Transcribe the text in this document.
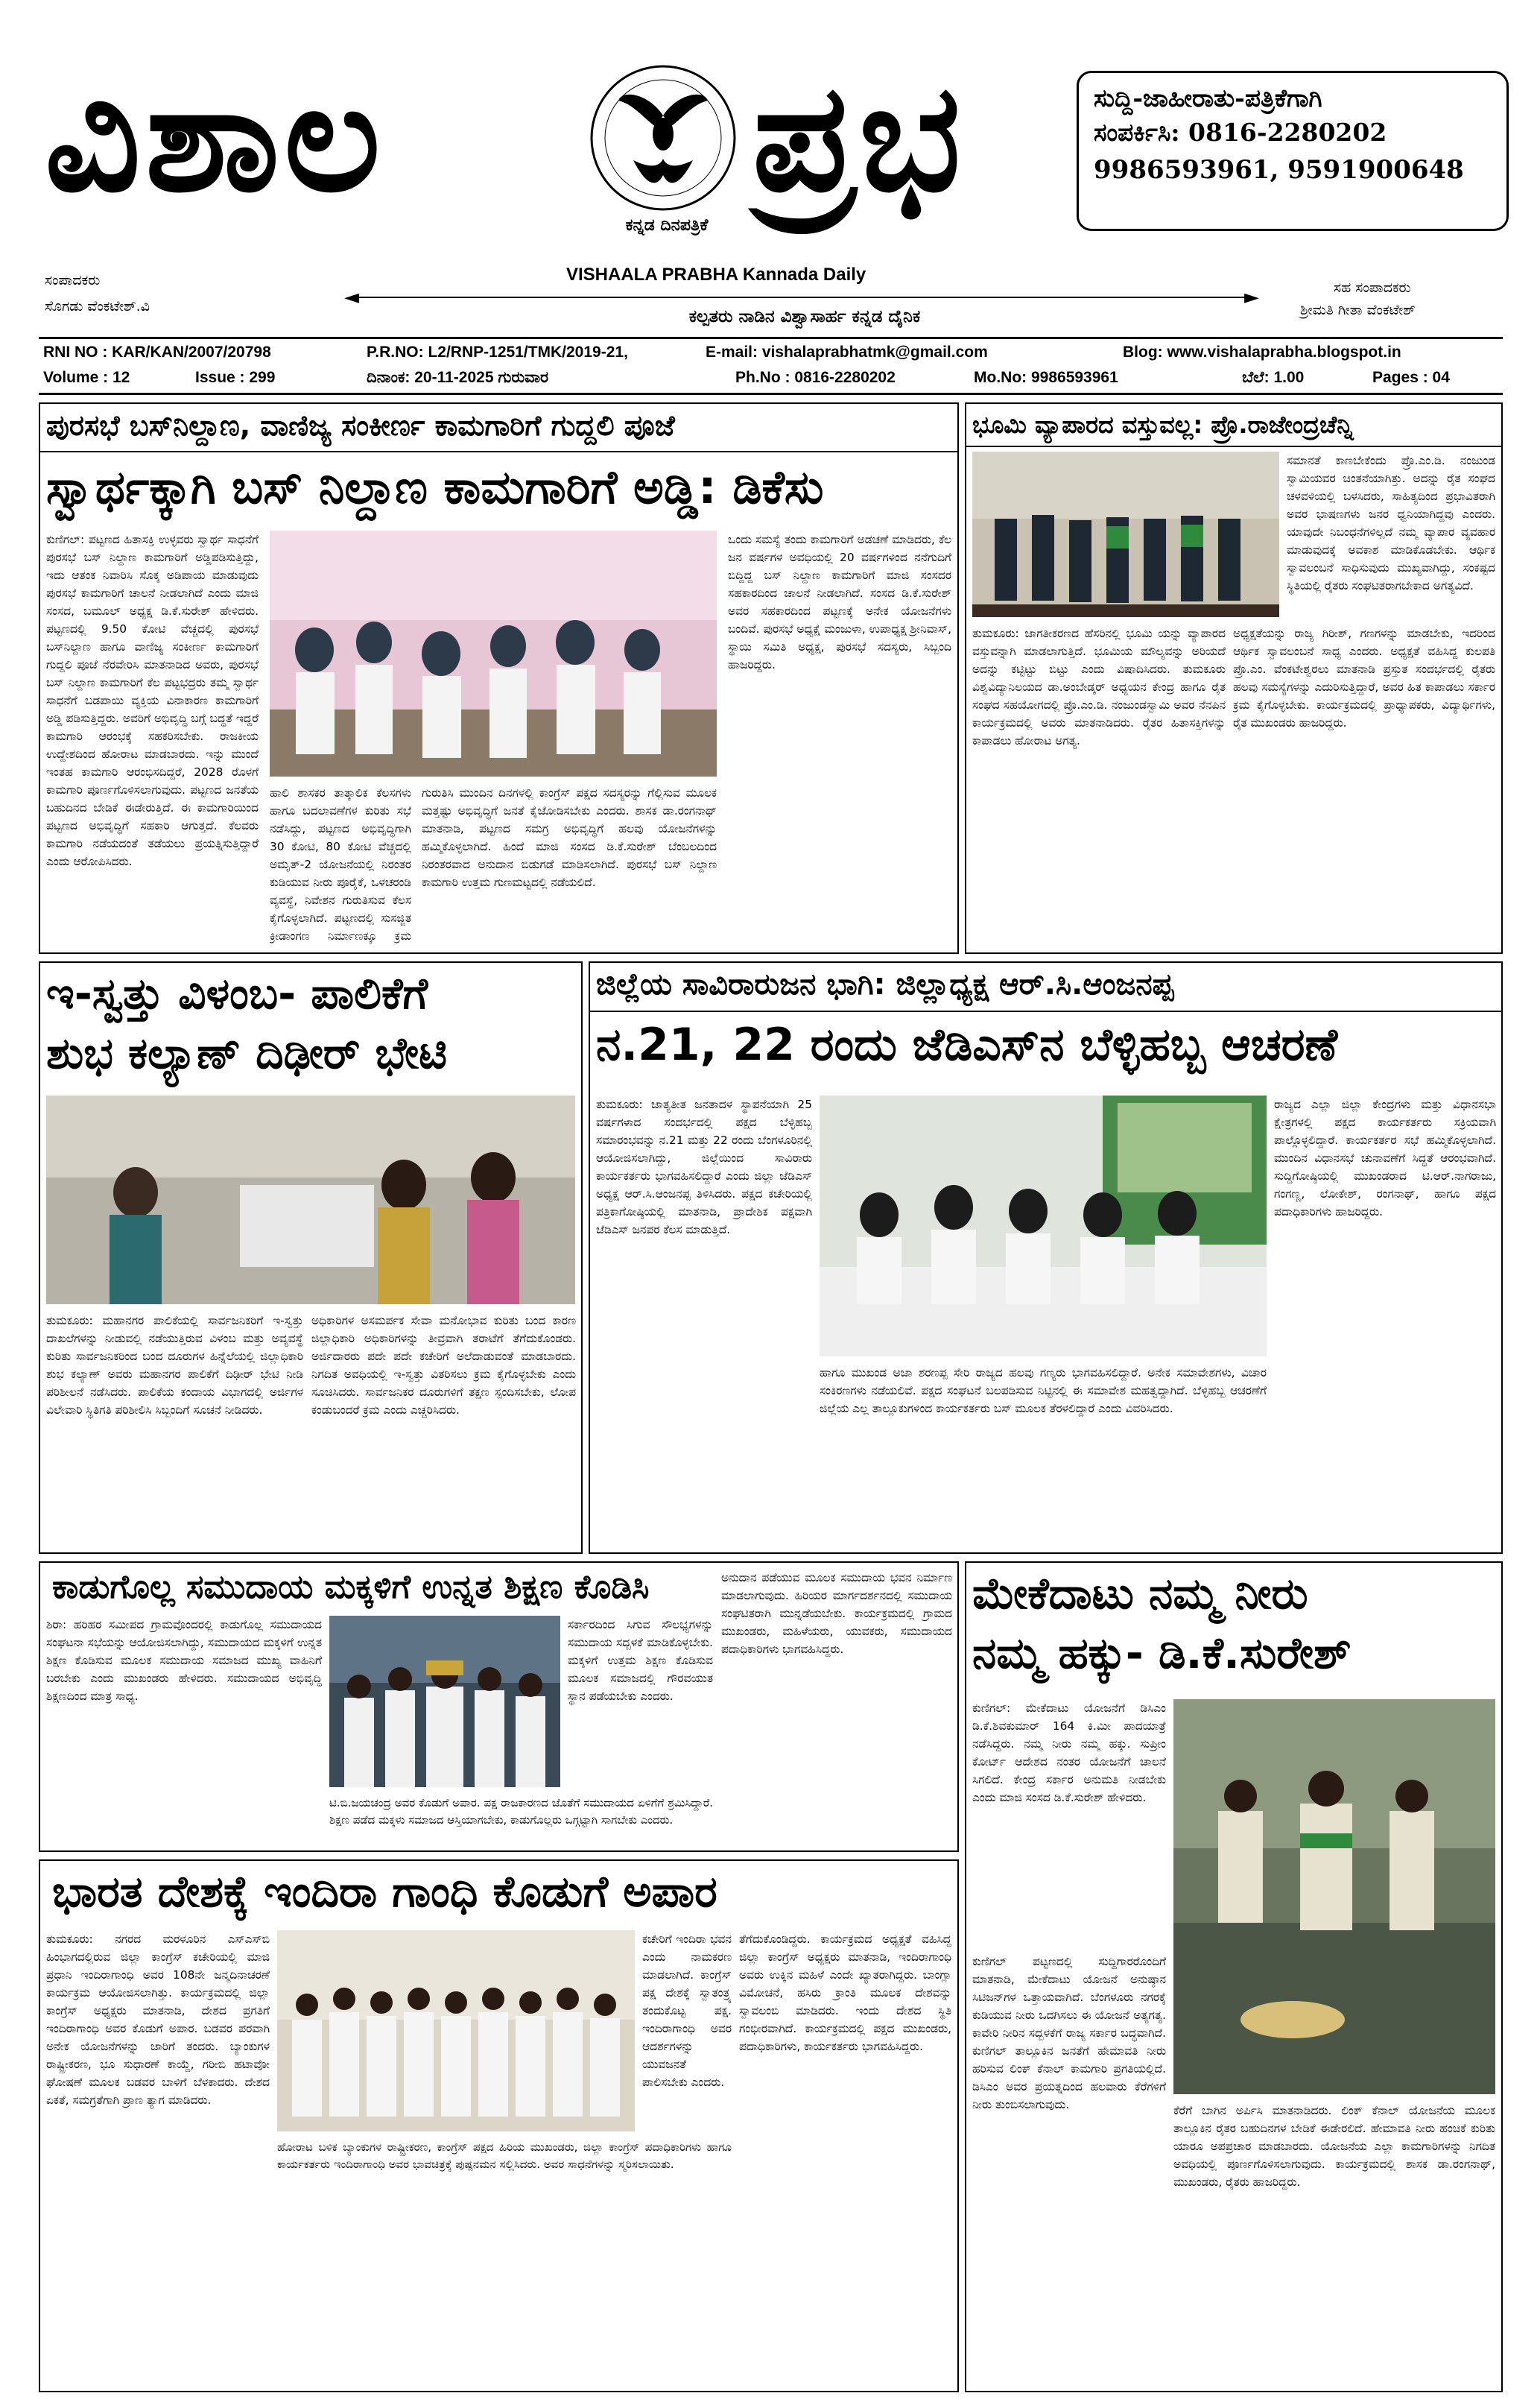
ವಿಶಾಲ ಪ್ರಭ
ಕನ್ನಡ ದಿನಪತ್ರಿಕೆ
VISHAALA PRABHA Kannada Daily
ಸುದ್ದಿ-ಜಾಹೀರಾತು-ಪತ್ರಿಕೆಗಾಗಿ
ಸಂಪರ್ಕಿಸಿ: 0816-2280202
9986593961, 9591900648
ಸಂಪಾದಕರು
ಸೊಗಡು ವೆಂಕಟೇಶ್.ವಿ
ಸಹ ಸಂಪಾದಕರು
ಶ್ರೀಮತಿ ಗೀತಾ ವೆಂಕಟೇಶ್
◄	►
ಕಲ್ಪತರು ನಾಡಿನ ವಿಶ್ವಾಸಾರ್ಹ ಕನ್ನಡ ದೈನಿಕ
RNI NO : KAR/KAN/2007/20798	P.R.NO: L2/RNP-1251/TMK/2019-21,	E-mail: vishalaprabhatmk@gmail.com	Blog: www.vishalaprabha.blogspot.in
Volume : 12	Issue : 299	ದಿನಾಂಕ: 20-11-2025 ಗುರುವಾರ	Ph.No : 0816-2280202	Mo.No: 9986593961	ಬೆಲೆ: 1.00	Pages : 04
ಪುರಸಭೆ ಬಸ್‌ನಿಲ್ದಾಣ, ವಾಣಿಜ್ಯ ಸಂಕೀರ್ಣ ಕಾಮಗಾರಿಗೆ ಗುದ್ದಲಿ ಪೂಜೆ
ಸ್ವಾರ್ಥಕ್ಕಾಗಿ ಬಸ್ ನಿಲ್ದಾಣ ಕಾಮಗಾರಿಗೆ ಅಡ್ಡಿ: ಡಿಕೆಸು
ಕುಣಿಗಲ್: ಪಟ್ಟಣದ ಹಿತಾಸಕ್ತಿ ಉಳ್ಳವರು ಸ್ವಾರ್ಥ ಸಾಧನೆಗೆ ಪುರಸಭೆ ಬಸ್ ನಿಲ್ದಾಣ ಕಾಮಗಾರಿಗೆ ಅಡ್ಡಿಪಡಿಸುತ್ತಿದ್ದು, ಇದು ಆತಂಕ ನಿವಾರಿಸಿ ಸೊಕ್ಕ ಅಡಿಪಾಯ ಮಾಡುವುದು ಪುರಸಭೆ ಕಾಮಗಾರಿಗೆ ಚಾಲನೆ ನೀಡಲಾಗಿದೆ ಎಂದು ಮಾಜಿ ಸಂಸದ, ಬಮೂಲ್ ಅಧ್ಯಕ್ಷ ಡಿ.ಕೆ.ಸುರೇಶ್ ಹೇಳಿದರು. ಪಟ್ಟಣದಲ್ಲಿ 9.50 ಕೋಟಿ ವೆಚ್ಚದಲ್ಲಿ ಪುರಸಭೆ ಬಸ್‌ನಿಲ್ದಾಣ ಹಾಗೂ ವಾಣಿಜ್ಯ ಸಂಕೀರ್ಣ ಕಾಮಗಾರಿಗೆ ಗುದ್ದಲಿ ಪೂಜೆ ನೆರವೇರಿಸಿ ಮಾತನಾಡಿದ ಅವರು, ಪುರಸಭೆ ಬಸ್ ನಿಲ್ದಾಣ ಕಾಮಗಾರಿಗೆ ಕೆಲ ಪಟ್ಟಭದ್ರರು ತಮ್ಮ ಸ್ವಾರ್ಥ ಸಾಧನೆಗೆ ಬಡಪಾಯಿ ವ್ಯಕ್ತಿಯ ವಿನಾಕಾರಣ ಕಾಮಗಾರಿಗೆ ಅಡ್ಡಿ ಪಡಿಸುತ್ತಿದ್ದರು. ಅವರಿಗೆ ಅಭಿವೃದ್ಧಿ ಬಗ್ಗೆ ಬದ್ಧತೆ ಇದ್ದರೆ ಕಾಮಗಾರಿ ಆರಂಭಕ್ಕೆ ಸಹಕರಿಸಬೇಕು. ರಾಜಕೀಯ ಉದ್ದೇಶದಿಂದ ಹೋರಾಟ ಮಾಡಬಾರದು. ಇನ್ನು ಮುಂದೆ ಇಂತಹ ಕಾಮಗಾರಿ ಆರಂಭಿಸದಿದ್ದರೆ, 2028 ರೊಳಗೆ ಕಾಮಗಾರಿ ಪೂರ್ಣಗೊಳಿಸಲಾಗುವುದು. ಪಟ್ಟಣದ ಜನತೆಯ ಬಹುದಿನದ ಬೇಡಿಕೆ ಈಡೇರುತ್ತಿದೆ. ಈ ಕಾಮಗಾರಿಯಿಂದ ಪಟ್ಟಣದ ಅಭಿವೃದ್ಧಿಗೆ ಸಹಕಾರಿ ಆಗುತ್ತದೆ. ಕೆಲವರು ಕಾಮಗಾರಿ ನಡೆಯದಂತೆ ತಡೆಯಲು ಪ್ರಯತ್ನಿಸುತ್ತಿದ್ದಾರೆ ಎಂದು ಆರೋಪಿಸಿದರು.
ಹಾಲಿ ಶಾಸಕರ ತಾತ್ಕಾಲಿಕ ಕೆಲಸಗಳು ಹಾಗೂ ಬದಲಾವಣೆಗಳ ಕುರಿತು ಸಭೆ ನಡೆಸಿದ್ದು, ಪಟ್ಟಣದ ಅಭಿವೃದ್ಧಿಗಾಗಿ 30 ಕೋಟಿ, 80 ಕೋಟಿ ವೆಚ್ಚದಲ್ಲಿ ಅಮೃತ್-2 ಯೋಜನೆಯಲ್ಲಿ ನಿರಂತರ ಕುಡಿಯುವ ನೀರು ಪೂರೈಕೆ, ಒಳಚರಂಡಿ ವ್ಯವಸ್ಥೆ, ನಿವೇಶನ ಗುರುತಿಸುವ ಕೆಲಸ ಕೈಗೊಳ್ಳಲಾಗಿದೆ. ಪಟ್ಟಣದಲ್ಲಿ ಸುಸಜ್ಜಿತ ಕ್ರೀಡಾಂಗಣ ನಿರ್ಮಾಣಕ್ಕೂ ಕ್ರಮ
ಗುರುತಿಸಿ ಮುಂದಿನ ದಿನಗಳಲ್ಲಿ ಕಾಂಗ್ರೆಸ್ ಪಕ್ಷದ ಸದಸ್ಯರನ್ನು ಗೆಲ್ಲಿಸುವ ಮೂಲಕ ಮತ್ತಷ್ಟು ಅಭಿವೃದ್ಧಿಗೆ ಜನತೆ ಕೈಜೋಡಿಸಬೇಕು ಎಂದರು. ಶಾಸಕ ಡಾ.ರಂಗನಾಥ್ ಮಾತನಾಡಿ, ಪಟ್ಟಣದ ಸಮಗ್ರ ಅಭಿವೃದ್ಧಿಗೆ ಹಲವು ಯೋಜನೆಗಳನ್ನು ಹಮ್ಮಿಕೊಳ್ಳಲಾಗಿದೆ. ಹಿಂದೆ ಮಾಜಿ ಸಂಸದ ಡಿ.ಕೆ.ಸುರೇಶ್ ಬೆಂಬಲದಿಂದ ನಿರಂತರವಾದ ಅನುದಾನ ಬಿಡುಗಡೆ ಮಾಡಿಸಲಾಗಿದೆ. ಪುರಸಭೆ ಬಸ್ ನಿಲ್ದಾಣ ಕಾಮಗಾರಿ ಉತ್ತಮ ಗುಣಮಟ್ಟದಲ್ಲಿ ನಡೆಯಲಿದೆ.
ಒಂದು ಸಮಸ್ಯೆ ತಂದು ಕಾಮಗಾರಿಗೆ ಅಡಚಣೆ ಮಾಡಿದರು, ಕೆಲ ಜನ ವರ್ಷಗಳ ಅವಧಿಯಲ್ಲಿ 20 ವರ್ಷಗಳಿಂದ ನನೆಗುದಿಗೆ ಬಿದ್ದಿದ್ದ ಬಸ್ ನಿಲ್ದಾಣ ಕಾಮಗಾರಿಗೆ ಮಾಜಿ ಸಂಸದರ ಸಹಕಾರದಿಂದ ಚಾಲನೆ ನೀಡಲಾಗಿದೆ. ಸಂಸದ ಡಿ.ಕೆ.ಸುರೇಶ್ ಅವರ ಸಹಕಾರದಿಂದ ಪಟ್ಟಣಕ್ಕೆ ಅನೇಕ ಯೋಜನೆಗಳು ಬಂದಿವೆ. ಪುರಸಭೆ ಅಧ್ಯಕ್ಷೆ ಮಂಜುಳಾ, ಉಪಾಧ್ಯಕ್ಷ ಶ್ರೀನಿವಾಸ್, ಸ್ಥಾಯಿ ಸಮಿತಿ ಅಧ್ಯಕ್ಷ, ಪುರಸಭೆ ಸದಸ್ಯರು, ಸಿಬ್ಬಂದಿ ಹಾಜರಿದ್ದರು.
ಭೂಮಿ ವ್ಯಾಪಾರದ ವಸ್ತುವಲ್ಲ: ಪ್ರೊ.ರಾಜೇಂದ್ರಚೆನ್ನಿ
ಸಮಾನತೆ ಕಾಣಬೇಕೆಂದು ಪ್ರೊ.ಎಂ.ಡಿ. ನಂಜುಂಡ ಸ್ವಾಮಿಯವರ ಚಿಂತನೆಯಾಗಿತ್ತು. ಅದನ್ನು ರೈತ ಸಂಘದ ಚಳವಳಿಯಲ್ಲಿ ಬಳಸಿದರು, ಸಾಹಿತ್ಯದಿಂದ ಪ್ರಭಾವಿತರಾಗಿ ಅವರ ಭಾಷಣಗಳು ಜನರ ಧ್ವನಿಯಾಗಿದ್ದವು ಎಂದರು. ಯಾವುದೇ ನಿಬಂಧನೆಗಳಿಲ್ಲದೆ ನಮ್ಮ ವ್ಯಾಪಾರ ವ್ಯವಹಾರ ಮಾಡುವುದಕ್ಕೆ ಅವಕಾಶ ಮಾಡಿಕೊಡಬೇಕು. ಆರ್ಥಿಕ ಸ್ವಾವಲಂಬನೆ ಸಾಧಿಸುವುದು ಮುಖ್ಯವಾಗಿದ್ದು, ಸಂಕಷ್ಟದ ಸ್ಥಿತಿಯಲ್ಲಿ ರೈತರು ಸಂಘಟಿತರಾಗಬೇಕಾದ ಅಗತ್ಯವಿದೆ.
ತುಮಕೂರು: ಜಾಗತೀಕರಣದ ಹೆಸರಿನಲ್ಲಿ ಭೂಮಿ ಯನ್ನು ವ್ಯಾಪಾರದ ವಸ್ತುವನ್ನಾಗಿ ಮಾಡಲಾಗುತ್ತಿದೆ. ಭೂಮಿಯ ಮೌಲ್ಯವನ್ನು ಅರಿಯದೆ ಅದನ್ನು ಕಟ್ಟಿಟ್ಟು ಬಿಟ್ಟು ಎಂದು ವಿಷಾದಿಸಿದರು. ತುಮಕೂರು ವಿಶ್ವವಿದ್ಯಾನಿಲಯದ ಡಾ.ಅಂಬೇಡ್ಕರ್ ಅಧ್ಯಯನ ಕೇಂದ್ರ ಹಾಗೂ ರೈತ ಸಂಘದ ಸಹಯೋಗದಲ್ಲಿ ಪ್ರೊ.ಎಂ.ಡಿ. ನಂಜುಂಡಸ್ವಾಮಿ ಅವರ ನೆನಪಿನ ಕಾರ್ಯಕ್ರಮದಲ್ಲಿ ಅವರು ಮಾತನಾಡಿದರು. ರೈತರ ಹಿತಾಸಕ್ತಿಗಳನ್ನು ಕಾಪಾಡಲು ಹೋರಾಟ ಅಗತ್ಯ.
ಅಧ್ಯಕ್ಷತೆಯನ್ನು ರಾಜ್ಯ ಗಿರೀಶ್, ಗಣಗಳನ್ನು ಮಾಡಬೇಕು, ಇದರಿಂದ ಆರ್ಥಿಕ ಸ್ವಾವಲಂಬನೆ ಸಾಧ್ಯ ಎಂದರು. ಅಧ್ಯಕ್ಷತೆ ವಹಿಸಿದ್ದ ಕುಲಪತಿ ಪ್ರೊ.ಎಂ. ವೆಂಕಟೇಶ್ವರಲು ಮಾತನಾಡಿ ಪ್ರಸ್ತುತ ಸಂದರ್ಭದಲ್ಲಿ ರೈತರು ಹಲವು ಸಮಸ್ಯೆಗಳನ್ನು ಎದುರಿಸುತ್ತಿದ್ದಾರೆ, ಅವರ ಹಿತ ಕಾಪಾಡಲು ಸರ್ಕಾರ ಕ್ರಮ ಕೈಗೊಳ್ಳಬೇಕು. ಕಾರ್ಯಕ್ರಮದಲ್ಲಿ ಪ್ರಾಧ್ಯಾಪಕರು, ವಿದ್ಯಾರ್ಥಿಗಳು, ರೈತ ಮುಖಂಡರು ಹಾಜರಿದ್ದರು.
ಇ-ಸ್ವತ್ತು ವಿಳಂಬ- ಪಾಲಿಕೆಗೆ
ಶುಭ ಕಲ್ಯಾಣ್ ದಿಢೀರ್ ಭೇಟಿ
ತುಮಕೂರು: ಮಹಾನಗರ ಪಾಲಿಕೆಯಲ್ಲಿ ಸಾರ್ವಜನಿಕರಿಗೆ ಇ-ಸ್ವತ್ತು ದಾಖಲೆಗಳನ್ನು ನೀಡುವಲ್ಲಿ ನಡೆಯುತ್ತಿರುವ ವಿಳಂಬ ಮತ್ತು ಅವ್ಯವಸ್ಥೆ ಕುರಿತು ಸಾರ್ವಜನಿಕರಿಂದ ಬಂದ ದೂರುಗಳ ಹಿನ್ನೆಲೆಯಲ್ಲಿ ಜಿಲ್ಲಾಧಿಕಾರಿ ಶುಭ ಕಲ್ಯಾಣ್ ಅವರು ಮಹಾನಗರ ಪಾಲಿಕೆಗೆ ದಿಢೀರ್ ಭೇಟಿ ನೀಡಿ ಪರಿಶೀಲನೆ ನಡೆಸಿದರು. ಪಾಲಿಕೆಯ ಕಂದಾಯ ವಿಭಾಗದಲ್ಲಿ ಅರ್ಜಿಗಳ ವಿಲೇವಾರಿ ಸ್ಥಿತಿಗತಿ ಪರಿಶೀಲಿಸಿ ಸಿಬ್ಬಂದಿಗೆ ಸೂಚನೆ ನೀಡಿದರು.
ಅಧಿಕಾರಿಗಳ ಅಸಮರ್ಪಕ ಸೇವಾ ಮನೋಭಾವ ಕುರಿತು ಬಂದ ಕಾರಣ ಜಿಲ್ಲಾಧಿಕಾರಿ ಅಧಿಕಾರಿಗಳನ್ನು ತೀವ್ರವಾಗಿ ತರಾಟೆಗೆ ತೆಗೆದುಕೊಂಡರು. ಅರ್ಜಿದಾರರು ಪದೇ ಪದೇ ಕಚೇರಿಗೆ ಅಲೆದಾಡುವಂತೆ ಮಾಡಬಾರದು. ನಿಗದಿತ ಅವಧಿಯಲ್ಲಿ ಇ-ಸ್ವತ್ತು ವಿತರಿಸಲು ಕ್ರಮ ಕೈಗೊಳ್ಳಬೇಕು ಎಂದು ಸೂಚಿಸಿದರು. ಸಾರ್ವಜನಿಕರ ದೂರುಗಳಿಗೆ ತಕ್ಷಣ ಸ್ಪಂದಿಸಬೇಕು, ಲೋಪ ಕಂಡುಬಂದರೆ ಕ್ರಮ ಎಂದು ಎಚ್ಚರಿಸಿದರು.
ಜಿಲ್ಲೆಯ ಸಾವಿರಾರುಜನ ಭಾಗಿ: ಜಿಲ್ಲಾಧ್ಯಕ್ಷ ಆರ್.ಸಿ.ಆಂಜನಪ್ಪ
ನ.21, 22 ರಂದು ಜೆಡಿಎಸ್‌ನ ಬೆಳ್ಳಿಹಬ್ಬ ಆಚರಣೆ
ತುಮಕೂರು: ಜಾತ್ಯತೀತ ಜನತಾದಳ ಸ್ಥಾಪನೆಯಾಗಿ 25 ವರ್ಷಗಳಾದ ಸಂದರ್ಭದಲ್ಲಿ ಪಕ್ಷದ ಬೆಳ್ಳಿಹಬ್ಬ ಸಮಾರಂಭವನ್ನು ನ.21 ಮತ್ತು 22 ರಂದು ಬೆಂಗಳೂರಿನಲ್ಲಿ ಆಯೋಜಿಸಲಾಗಿದ್ದು, ಜಿಲ್ಲೆಯಿಂದ ಸಾವಿರಾರು ಕಾರ್ಯಕರ್ತರು ಭಾಗವಹಿಸಲಿದ್ದಾರೆ ಎಂದು ಜಿಲ್ಲಾ ಜೆಡಿಎಸ್ ಅಧ್ಯಕ್ಷ ಆರ್.ಸಿ.ಆಂಜನಪ್ಪ ತಿಳಿಸಿದರು. ಪಕ್ಷದ ಕಚೇರಿಯಲ್ಲಿ ಪತ್ರಿಕಾಗೋಷ್ಠಿಯಲ್ಲಿ ಮಾತನಾಡಿ, ಪ್ರಾದೇಶಿಕ ಪಕ್ಷವಾಗಿ ಜೆಡಿಎಸ್ ಜನಪರ ಕೆಲಸ ಮಾಡುತ್ತಿದೆ.
ರಾಜ್ಯದ ಎಲ್ಲಾ ಜಿಲ್ಲಾ ಕೇಂದ್ರಗಳು ಮತ್ತು ವಿಧಾನಸಭಾ ಕ್ಷೇತ್ರಗಳಲ್ಲಿ ಪಕ್ಷದ ಕಾರ್ಯಕರ್ತರು ಸಕ್ರಿಯವಾಗಿ ಪಾಲ್ಗೊಳ್ಳಲಿದ್ದಾರೆ. ಕಾರ್ಯಕರ್ತರ ಸಭೆ ಹಮ್ಮಿಕೊಳ್ಳಲಾಗಿದೆ. ಮುಂದಿನ ವಿಧಾನಸಭೆ ಚುನಾವಣೆಗೆ ಸಿದ್ಧತೆ ಆರಂಭವಾಗಿದೆ. ಸುದ್ದಿಗೋಷ್ಠಿಯಲ್ಲಿ ಮುಖಂಡರಾದ ಟಿ.ಆರ್.ನಾಗರಾಜು, ಗಂಗಣ್ಣ, ಲೋಕೇಶ್, ರಂಗನಾಥ್, ಹಾಗೂ ಪಕ್ಷದ ಪದಾಧಿಕಾರಿಗಳು ಹಾಜರಿದ್ದರು.
ಹಾಗೂ ಮುಖಂಡ ಅಜಾ ಶರಣಪ್ಪ ಸೇರಿ ರಾಜ್ಯದ ಹಲವು ಗಣ್ಯರು ಭಾಗವಹಿಸಲಿದ್ದಾರೆ. ಅನೇಕ ಸಮಾವೇಶಗಳು, ವಿಚಾರ ಸಂಕಿರಣಗಳು ನಡೆಯಲಿವೆ. ಪಕ್ಷದ ಸಂಘಟನೆ ಬಲಪಡಿಸುವ ನಿಟ್ಟಿನಲ್ಲಿ ಈ ಸಮಾವೇಶ ಮಹತ್ವದ್ದಾಗಿದೆ. ಬೆಳ್ಳಿಹಬ್ಬ ಆಚರಣೆಗೆ ಜಿಲ್ಲೆಯ ಎಲ್ಲ ತಾಲ್ಲೂಕುಗಳಿಂದ ಕಾರ್ಯಕರ್ತರು ಬಸ್ ಮೂಲಕ ತೆರಳಲಿದ್ದಾರೆ ಎಂದು ವಿವರಿಸಿದರು.
ಕಾಡುಗೊಲ್ಲ ಸಮುದಾಯ ಮಕ್ಕಳಿಗೆ ಉನ್ನತ ಶಿಕ್ಷಣ ಕೊಡಿಸಿ
ಶಿರಾ: ಹರಿಹರ ಸಮೀಪದ ಗ್ರಾಮವೊಂದರಲ್ಲಿ ಕಾಡುಗೊಲ್ಲ ಸಮುದಾಯದ ಸಂಘಟನಾ ಸಭೆಯನ್ನು ಆಯೋಜಿಸಲಾಗಿದ್ದು, ಸಮುದಾಯದ ಮಕ್ಕಳಿಗೆ ಉನ್ನತ ಶಿಕ್ಷಣ ಕೊಡಿಸುವ ಮೂಲಕ ಸಮುದಾಯ ಸಮಾಜದ ಮುಖ್ಯ ವಾಹಿನಿಗೆ ಬರಬೇಕು ಎಂದು ಮುಖಂಡರು ಹೇಳಿದರು. ಸಮುದಾಯದ ಅಭಿವೃದ್ಧಿ ಶಿಕ್ಷಣದಿಂದ ಮಾತ್ರ ಸಾಧ್ಯ.
ಸರ್ಕಾರದಿಂದ ಸಿಗುವ ಸೌಲಭ್ಯಗಳನ್ನು ಸಮುದಾಯ ಸದ್ಬಳಕೆ ಮಾಡಿಕೊಳ್ಳಬೇಕು. ಮಕ್ಕಳಿಗೆ ಉತ್ತಮ ಶಿಕ್ಷಣ ಕೊಡಿಸುವ ಮೂಲಕ ಸಮಾಜದಲ್ಲಿ ಗೌರವಯುತ ಸ್ಥಾನ ಪಡೆಯಬೇಕು ಎಂದರು.
ಟಿ.ಬಿ.ಜಯಚಂದ್ರ ಅವರ ಕೊಡುಗೆ ಅಪಾರ. ಪಕ್ಷ ರಾಜಕಾರಣದ ಜೊತೆಗೆ ಸಮುದಾಯದ ಏಳಿಗೆಗೆ ಶ್ರಮಿಸಿದ್ದಾರೆ. ಶಿಕ್ಷಣ ಪಡೆದ ಮಕ್ಕಳು ಸಮಾಜದ ಆಸ್ತಿಯಾಗಬೇಕು, ಕಾಡುಗೊಲ್ಲರು ಒಗ್ಗಟ್ಟಾಗಿ ಸಾಗಬೇಕು ಎಂದರು.
ಅನುದಾನ ಪಡೆಯುವ ಮೂಲಕ ಸಮುದಾಯ ಭವನ ನಿರ್ಮಾಣ ಮಾಡಲಾಗುವುದು. ಹಿರಿಯರ ಮಾರ್ಗದರ್ಶನದಲ್ಲಿ ಸಮುದಾಯ ಸಂಘಟಿತರಾಗಿ ಮುನ್ನಡೆಯಬೇಕು. ಕಾರ್ಯಕ್ರಮದಲ್ಲಿ ಗ್ರಾಮದ ಮುಖಂಡರು, ಮಹಿಳೆಯರು, ಯುವಕರು, ಸಮುದಾಯದ ಪದಾಧಿಕಾರಿಗಳು ಭಾಗವಹಿಸಿದ್ದರು.
ಮೇಕೆದಾಟು ನಮ್ಮ ನೀರು
ನಮ್ಮ ಹಕ್ಕು- ಡಿ.ಕೆ.ಸುರೇಶ್
ಕುಣಿಗಲ್: ಮೇಕೆದಾಟು ಯೋಜನೆಗೆ ಡಿಸಿಎಂ ಡಿ.ಕೆ.ಶಿವಕುಮಾರ್ 164 ಕಿ.ಮೀ ಪಾದಯಾತ್ರೆ ನಡೆಸಿದ್ದರು. ನಮ್ಮ ನೀರು ನಮ್ಮ ಹಕ್ಕು. ಸುಪ್ರೀಂ ಕೋರ್ಟ್ ಆದೇಶದ ನಂತರ ಯೋಜನೆಗೆ ಚಾಲನೆ ಸಿಗಲಿದೆ. ಕೇಂದ್ರ ಸರ್ಕಾರ ಅನುಮತಿ ನೀಡಬೇಕು ಎಂದು ಮಾಜಿ ಸಂಸದ ಡಿ.ಕೆ.ಸುರೇಶ್ ಹೇಳಿದರು.
ಕುಣಿಗಲ್ ಪಟ್ಟಣದಲ್ಲಿ ಸುದ್ದಿಗಾರರೊಂದಿಗೆ ಮಾತನಾಡಿ, ಮೇಕೆದಾಟು ಯೋಜನೆ ಅನುಷ್ಠಾನ ಸಿಟಿಜನ್‌ಗಳ ಒತ್ತಾಯವಾಗಿದೆ. ಬೆಂಗಳೂರು ನಗರಕ್ಕೆ ಕುಡಿಯುವ ನೀರು ಒದಗಿಸಲು ಈ ಯೋಜನೆ ಅತ್ಯಗತ್ಯ. ಕಾವೇರಿ ನೀರಿನ ಸದ್ಬಳಕೆಗೆ ರಾಜ್ಯ ಸರ್ಕಾರ ಬದ್ಧವಾಗಿದೆ. ಕುಣಿಗಲ್ ತಾಲ್ಲೂಕಿನ ಜನತೆಗೆ ಹೇಮಾವತಿ ನೀರು ಹರಿಸುವ ಲಿಂಕ್ ಕೆನಾಲ್ ಕಾಮಗಾರಿ ಪ್ರಗತಿಯಲ್ಲಿದೆ. ಡಿಸಿಎಂ ಅವರ ಪ್ರಯತ್ನದಿಂದ ಹಲವಾರು ಕೆರೆಗಳಿಗೆ ನೀರು ತುಂಬಿಸಲಾಗುವುದು.	ಕೆರೆಗೆ ಬಾಗಿನ ಅರ್ಪಿಸಿ ಮಾತನಾಡಿದರು. ಲಿಂಕ್ ಕೆನಾಲ್ ಯೋಜನೆಯ ಮೂಲಕ ತಾಲ್ಲೂಕಿನ ರೈತರ ಬಹುದಿನಗಳ ಬೇಡಿಕೆ ಈಡೇರಲಿದೆ. ಹೇಮಾವತಿ ನೀರು ಹಂಚಿಕೆ ಕುರಿತು ಯಾರೂ ಅಪಪ್ರಚಾರ ಮಾಡಬಾರದು. ಯೋಜನೆಯ ಎಲ್ಲಾ ಕಾಮಗಾರಿಗಳನ್ನು ನಿಗದಿತ ಅವಧಿಯಲ್ಲಿ ಪೂರ್ಣಗೊಳಿಸಲಾಗುವುದು. ಕಾರ್ಯಕ್ರಮದಲ್ಲಿ ಶಾಸಕ ಡಾ.ರಂಗನಾಥ್, ಮುಖಂಡರು, ರೈತರು ಹಾಜರಿದ್ದರು.
ಭಾರತ ದೇಶಕ್ಕೆ ಇಂದಿರಾ ಗಾಂಧಿ ಕೊಡುಗೆ ಅಪಾರ
ತುಮಕೂರು: ನಗರದ ಮರಳೂರಿನ ಎಸ್‌ಎಸ್‌ಬಿ ಹಿಂಭಾಗದಲ್ಲಿರುವ ಜಿಲ್ಲಾ ಕಾಂಗ್ರೆಸ್ ಕಚೇರಿಯಲ್ಲಿ ಮಾಜಿ ಪ್ರಧಾನಿ ಇಂದಿರಾಗಾಂಧಿ ಅವರ 108ನೇ ಜನ್ಮದಿನಾಚರಣೆ ಕಾರ್ಯಕ್ರಮ ಆಯೋಜಿಸಲಾಗಿತ್ತು. ಕಾರ್ಯಕ್ರಮದಲ್ಲಿ ಜಿಲ್ಲಾ ಕಾಂಗ್ರೆಸ್ ಅಧ್ಯಕ್ಷರು ಮಾತನಾಡಿ, ದೇಶದ ಪ್ರಗತಿಗೆ ಇಂದಿರಾಗಾಂಧಿ ಅವರ ಕೊಡುಗೆ ಅಪಾರ. ಬಡವರ ಪರವಾಗಿ ಅನೇಕ ಯೋಜನೆಗಳನ್ನು ಜಾರಿಗೆ ತಂದರು. ಬ್ಯಾಂಕುಗಳ ರಾಷ್ಟ್ರೀಕರಣ, ಭೂ ಸುಧಾರಣೆ ಕಾಯ್ದೆ, ಗರೀಬಿ ಹಟಾವೋ ಘೋಷಣೆ ಮೂಲಕ ಬಡವರ ಬಾಳಿಗೆ ಬೆಳಕಾದರು. ದೇಶದ ಏಕತೆ, ಸಮಗ್ರತೆಗಾಗಿ ಪ್ರಾಣ ತ್ಯಾಗ ಮಾಡಿದರು.
ಕಚೇರಿಗೆ ಇಂದಿರಾ ಭವನ ಎಂದು ನಾಮಕರಣ ಮಾಡಲಾಗಿದೆ. ಕಾಂಗ್ರೆಸ್ ಪಕ್ಷ ದೇಶಕ್ಕೆ ಸ್ವಾತಂತ್ರ್ಯ ತಂದುಕೊಟ್ಟ ಪಕ್ಷ. ಇಂದಿರಾಗಾಂಧಿ ಅವರ ಆದರ್ಶಗಳನ್ನು ಯುವಜನತೆ ಪಾಲಿಸಬೇಕು ಎಂದರು.
ಹೋರಾಟ ಬಳಿಕ ಬ್ಯಾಂಕುಗಳ ರಾಷ್ಟ್ರೀಕರಣ, ಕಾಂಗ್ರೆಸ್ ಪಕ್ಷದ ಹಿರಿಯ ಮುಖಂಡರು, ಜಿಲ್ಲಾ ಕಾಂಗ್ರೆಸ್ ಪದಾಧಿಕಾರಿಗಳು ಹಾಗೂ ಕಾರ್ಯಕರ್ತರು ಇಂದಿರಾಗಾಂಧಿ ಅವರ ಭಾವಚಿತ್ರಕ್ಕೆ ಪುಷ್ಪನಮನ ಸಲ್ಲಿಸಿದರು. ಅವರ ಸಾಧನೆಗಳನ್ನು ಸ್ಮರಿಸಲಾಯಿತು.
ತೆಗೆದುಕೊಂಡಿದ್ದರು. ಕಾರ್ಯಕ್ರಮದ ಅಧ್ಯಕ್ಷತೆ ವಹಿಸಿದ್ದ ಜಿಲ್ಲಾ ಕಾಂಗ್ರೆಸ್ ಅಧ್ಯಕ್ಷರು ಮಾತನಾಡಿ, ಇಂದಿರಾಗಾಂಧಿ ಅವರು ಉಕ್ಕಿನ ಮಹಿಳೆ ಎಂದೇ ಖ್ಯಾತರಾಗಿದ್ದರು. ಬಾಂಗ್ಲಾ ವಿಮೋಚನೆ, ಹಸಿರು ಕ್ರಾಂತಿ ಮೂಲಕ ದೇಶವನ್ನು ಸ್ವಾವಲಂಬಿ ಮಾಡಿದರು. ಇಂದು ದೇಶದ ಸ್ಥಿತಿ ಗಂಭೀರವಾಗಿದೆ. ಕಾರ್ಯಕ್ರಮದಲ್ಲಿ ಪಕ್ಷದ ಮುಖಂಡರು, ಪದಾಧಿಕಾರಿಗಳು, ಕಾರ್ಯಕರ್ತರು ಭಾಗವಹಿಸಿದ್ದರು.
